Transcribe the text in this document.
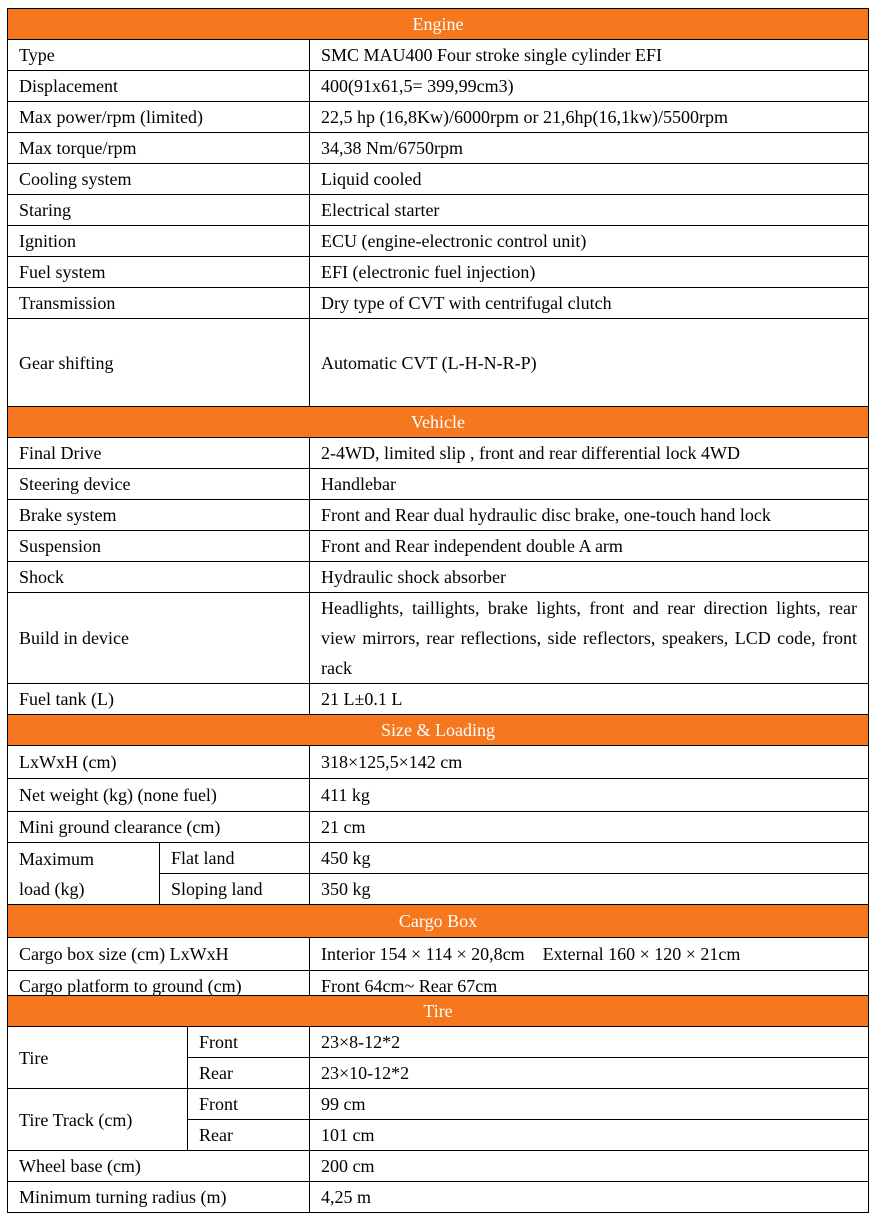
Engine		
Type		SMC MAU400 Four stroke single cylinder EFI
Displacement		400(91x61,5= 399,99cm3)
Max power/rpm (limited)		22,5 hp (16,8Kw)/6000rpm or 21,6hp(16,1kw)/5500rpm
Max torque/rpm		34,38 Nm/6750rpm
Cooling system		Liquid cooled
Staring		Electrical starter
Ignition		ECU (engine-electronic control unit)
Fuel system		EFI (electronic fuel injection)
Transmission		Dry type of CVT with centrifugal clutch
Gear shifting		Automatic CVT (L-H-N-R-P)
Vehicle		
Final Drive		2-4WD, limited slip , front and rear differential lock 4WD
Steering device		Handlebar
Brake system		Front and Rear dual hydraulic disc brake, one-touch hand lock
Suspension		Front and Rear independent double A arm
Shock		Hydraulic shock absorber
Build in device		Headlights, taillights, brake lights, front and rear direction lights, rear view mirrors, rear reflections, side reflectors, speakers, LCD code, front rack
Fuel tank (L)		21 L±0.1 L
Size & Loading		
LxWxH (cm)		318×125,5×142 cm
Net weight (kg) (none fuel)		411 kg
Mini ground clearance (cm)		21 cm
Maximum
load (kg)	Flat land	450 kg
	Sloping land	350 kg
Cargo Box		
Cargo box size (cm) LxWxH		Interior 154 × 114 × 20,8cm    External 160 × 120 × 21cm
Cargo platform to ground (cm)		Front 64cm~ Rear 67cm
Tire		
Tire	Front	23×8-12*2
	Rear	23×10-12*2
Tire Track (cm)	Front	99 cm
	Rear	101 cm
Wheel base (cm)		200 cm
Minimum turning radius (m)		4,25 m
